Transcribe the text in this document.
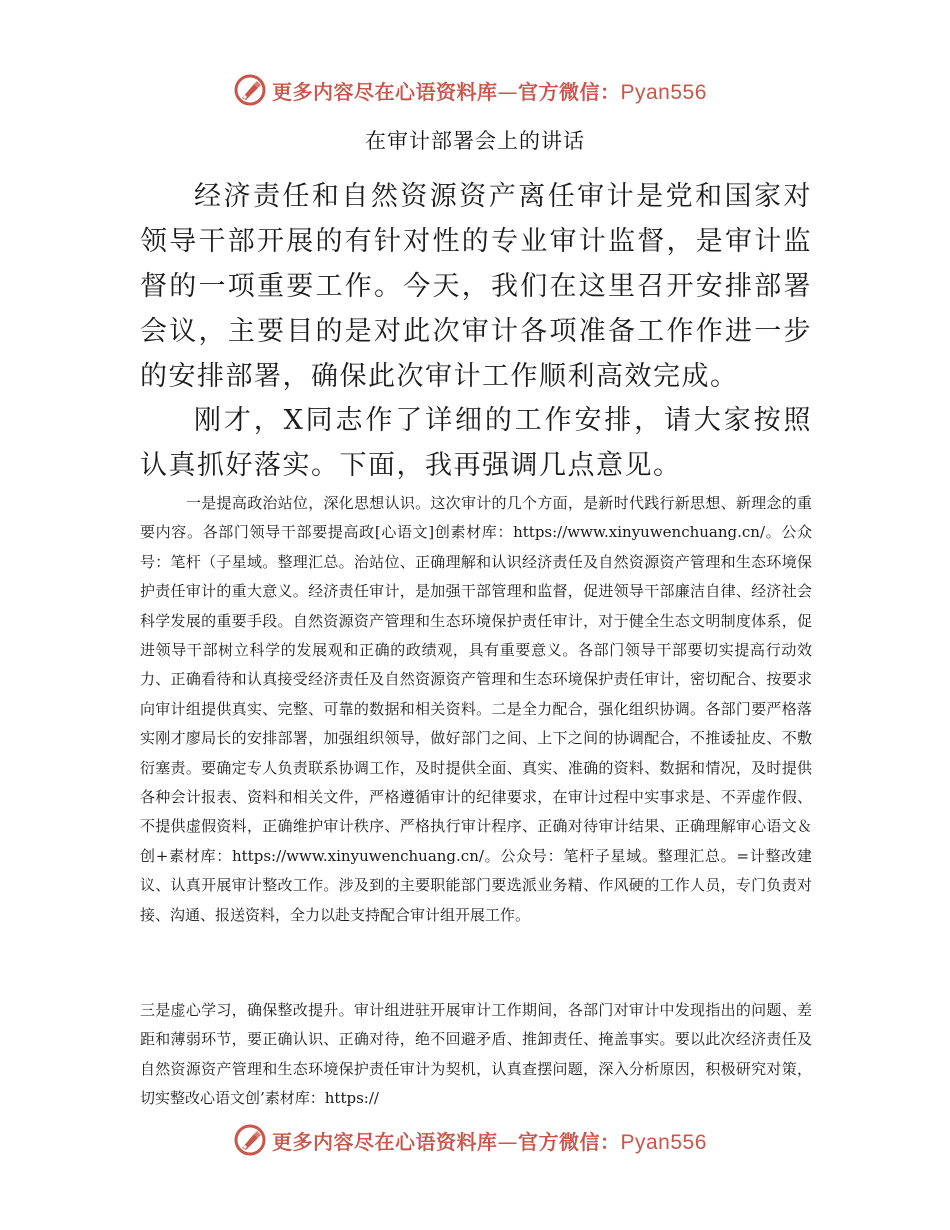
更多内容尽在心语资料库—官方微信：Pyan556
在审计部署会上的讲话

经济责任和自然资源资产离任审计是党和国家对领导干部开展的有针对性的专业审计监督，是审计监督的一项重要工作。今天，我们在这里召开安排部署会议，主要目的是对此次审计各项准备工作作进一步的安排部署，确保此次审计工作顺利高效完成。

刚才，X同志作了详细的工作安排，请大家按照认真抓好落实。下面，我再强调几点意见。

一是提高政治站位，深化思想认识。这次审计的几个方面，是新时代践行新思想、新理念的重要内容。各部门领导干部要提高政[心语文]创素材库：https://www.xinyuwenchuang.cn/。公众号：笔杆（子星域。整理汇总。治站位、正确理解和认识经济责任及自然资源资产管理和生态环境保护责任审计的重大意义。经济责任审计，是加强干部管理和监督，促进领导干部廉洁自律、经济社会科学发展的重要手段。自然资源资产管理和生态环境保护责任审计，对于健全生态文明制度体系，促进领导干部树立科学的发展观和正确的政绩观，具有重要意义。各部门领导干部要切实提高行动效力、正确看待和认真接受经济责任及自然资源资产管理和生态环境保护责任审计，密切配合、按要求向审计组提供真实、完整、可靠的数据和相关资料。二是全力配合，强化组织协调。各部门要严格落实刚才廖局长的安排部署，加强组织领导，做好部门之间、上下之间的协调配合，不推诿扯皮、不敷衍塞责。要确定专人负责联系协调工作，及时提供全面、真实、准确的资料、数据和情况，及时提供各种会计报表、资料和相关文件，严格遵循审计的纪律要求，在审计过程中实事求是、不弄虚作假、不提供虚假资料，正确维护审计秩序、严格执行审计程序、正确对待审计结果、正确理解审心语文＆创+素材库：https://www.xinyuwenchuang.cn/。公众号：笔杆子星域。整理汇总。=计整改建议、认真开展审计整改工作。涉及到的主要职能部门要选派业务精、作风硬的工作人员，专门负责对接、沟通、报送资料，全力以赴支持配合审计组开展工作。

三是虚心学习，确保整改提升。审计组进驻开展审计工作期间，各部门对审计中发现指出的问题、差距和薄弱环节，要正确认识、正确对待，绝不回避矛盾、推卸责任、掩盖事实。要以此次经济责任及自然资源资产管理和生态环境保护责任审计为契机，认真查摆问题，深入分析原因，积极研究对策，切实整改心语文创’素材库：https://

更多内容尽在心语资料库—官方微信：Pyan556
